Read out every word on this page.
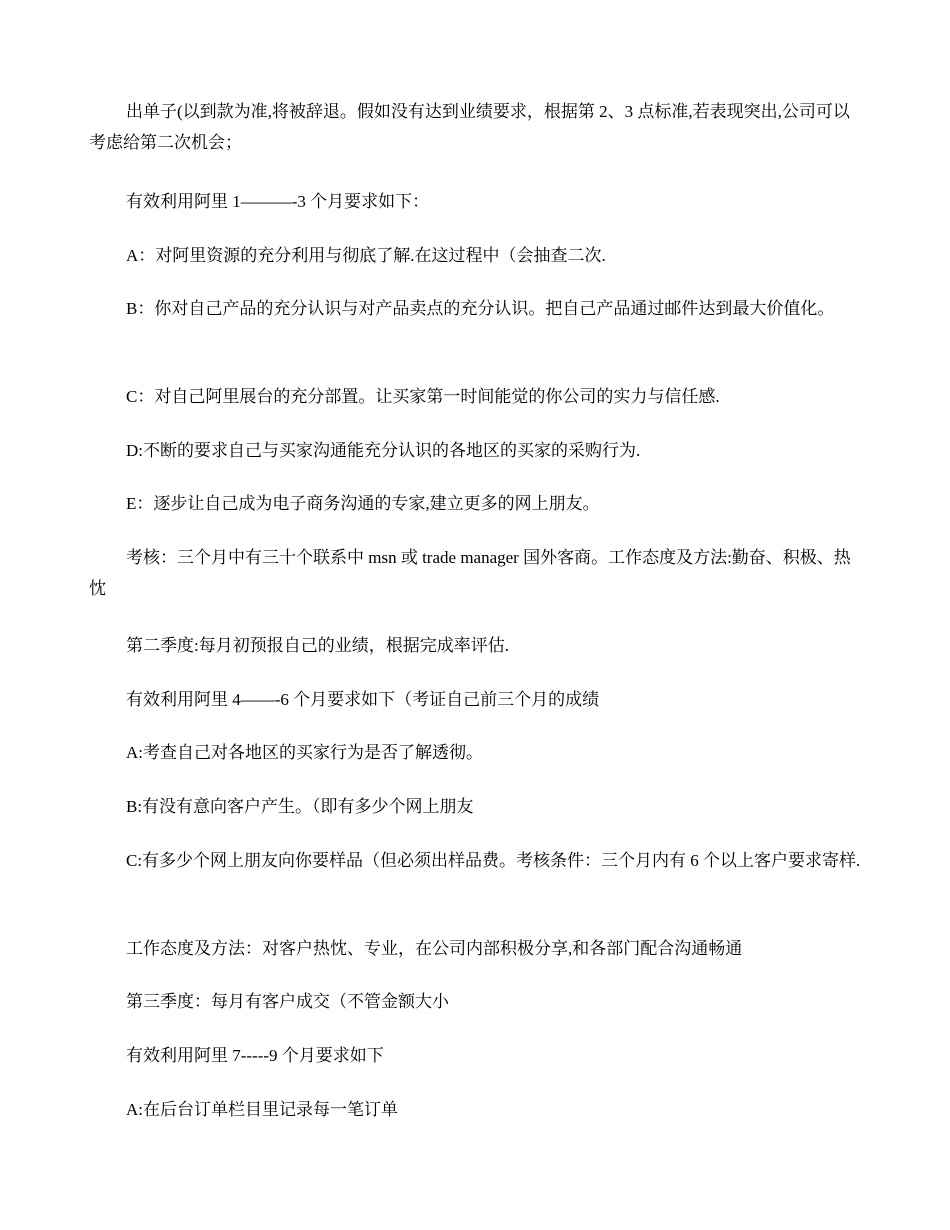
出单子(以到款为准,将被辞退。假如没有达到业绩要求，根据第 2、3 点标准,若表现突出,公司可以考虑给第二次机会；

有效利用阿里 1———-3 个月要求如下：

A：对阿里资源的充分利用与彻底了解.在这过程中（会抽查二次.

B：你对自己产品的充分认识与对产品卖点的充分认识。把自己产品通过邮件达到最大价值化。

C：对自己阿里展台的充分部置。让买家第一时间能觉的你公司的实力与信任感.

D:不断的要求自己与买家沟通能充分认识的各地区的买家的采购行为.

E：逐步让自己成为电子商务沟通的专家,建立更多的网上朋友。

考核：三个月中有三十个联系中 msn 或 trade manager 国外客商。工作态度及方法:勤奋、积极、热忱

第二季度:每月初预报自己的业绩，根据完成率评估.

有效利用阿里 4——-6 个月要求如下（考证自己前三个月的成绩

A:考查自己对各地区的买家行为是否了解透彻。

B:有没有意向客户产生。（即有多少个网上朋友

C:有多少个网上朋友向你要样品（但必须出样品费。考核条件：三个月内有 6 个以上客户要求寄样.

工作态度及方法：对客户热忱、专业，在公司内部积极分享,和各部门配合沟通畅通

第三季度：每月有客户成交（不管金额大小

有效利用阿里 7-----9 个月要求如下

A:在后台订单栏目里记录每一笔订单
